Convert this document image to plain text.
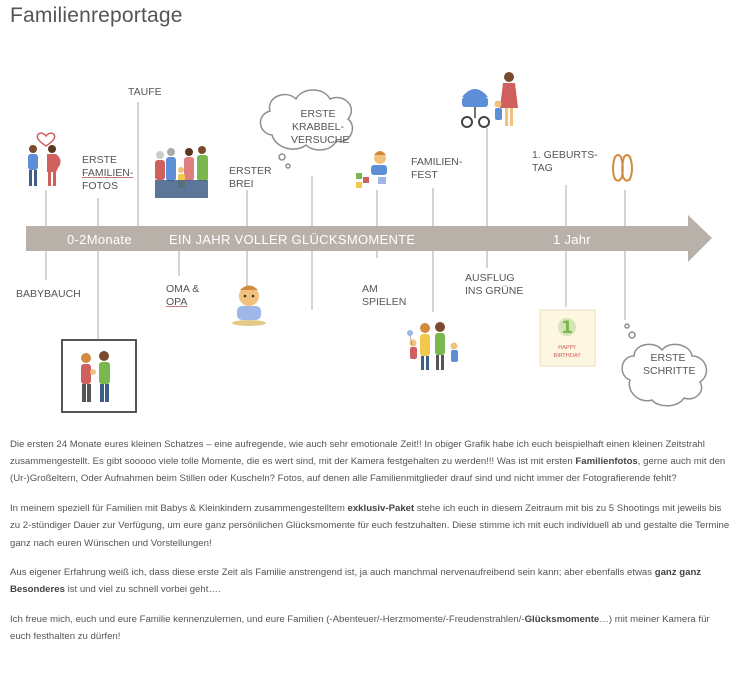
Familienreportage
1
HAPPY
BIRTHDAY
0-2Monate	EIN JAHR VOLLER GLÜCKSMOMENTE	1 Jahr
TAUFE
ERSTE
FAMILIEN-
FOTOS
ERSTER
BREI
ERSTE
KRABBEL-
VERSUCHE
FAMILIEN-
FEST
1. GEBURTS-
TAG
BABYBAUCH	OMA &
OPA
AM
SPIELEN
AUSFLUG
INS GRÜNE
ERSTE
SCHRITTE

Die ersten 24 Monate eures kleinen Schatzes – eine aufregende, wie auch sehr emotionale Zeit!! In obiger Grafik habe ich euch beispielhaft einen kleinen Zeitstrahl zusammengestellt. Es gibt sooooo viele tolle Momente, die es wert sind, mit der Kamera festgehalten zu werden!!! Was ist mit ersten Familienfotos, gerne auch mit den (Ur-)Großeltern, Oder Aufnahmen beim Stillen oder Kuscheln? Fotos, auf denen alle Familienmitglieder drauf sind und nicht immer der Fotografierende fehlt?

In meinem speziell für Familien mit Babys & Kleinkindern zusammengestelltem exklusiv-Paket stehe ich euch in diesem Zeitraum mit bis zu 5 Shootings mit jeweils bis zu 2-stündiger Dauer zur Verfügung, um eure ganz persönlichen Glücksmomente für euch festzuhalten. Diese stimme ich mit euch individuell ab und gestalte die Termine ganz nach euren Wünschen und Vorstellungen!

Aus eigener Erfahrung weiß ich, dass diese erste Zeit als Familie anstrengend ist, ja auch manchmal nervenaufreibend sein kann; aber ebenfalls etwas ganz ganz Besonderes ist und viel zu schnell vorbei geht….

Ich freue mich, euch und eure Familie kennenzulernen, und eure Familien (-Abenteuer/-Herzmomente/-Freudenstrahlen/-Glücksmomente…) mit meiner Kamera für euch festhalten zu dürfen!
